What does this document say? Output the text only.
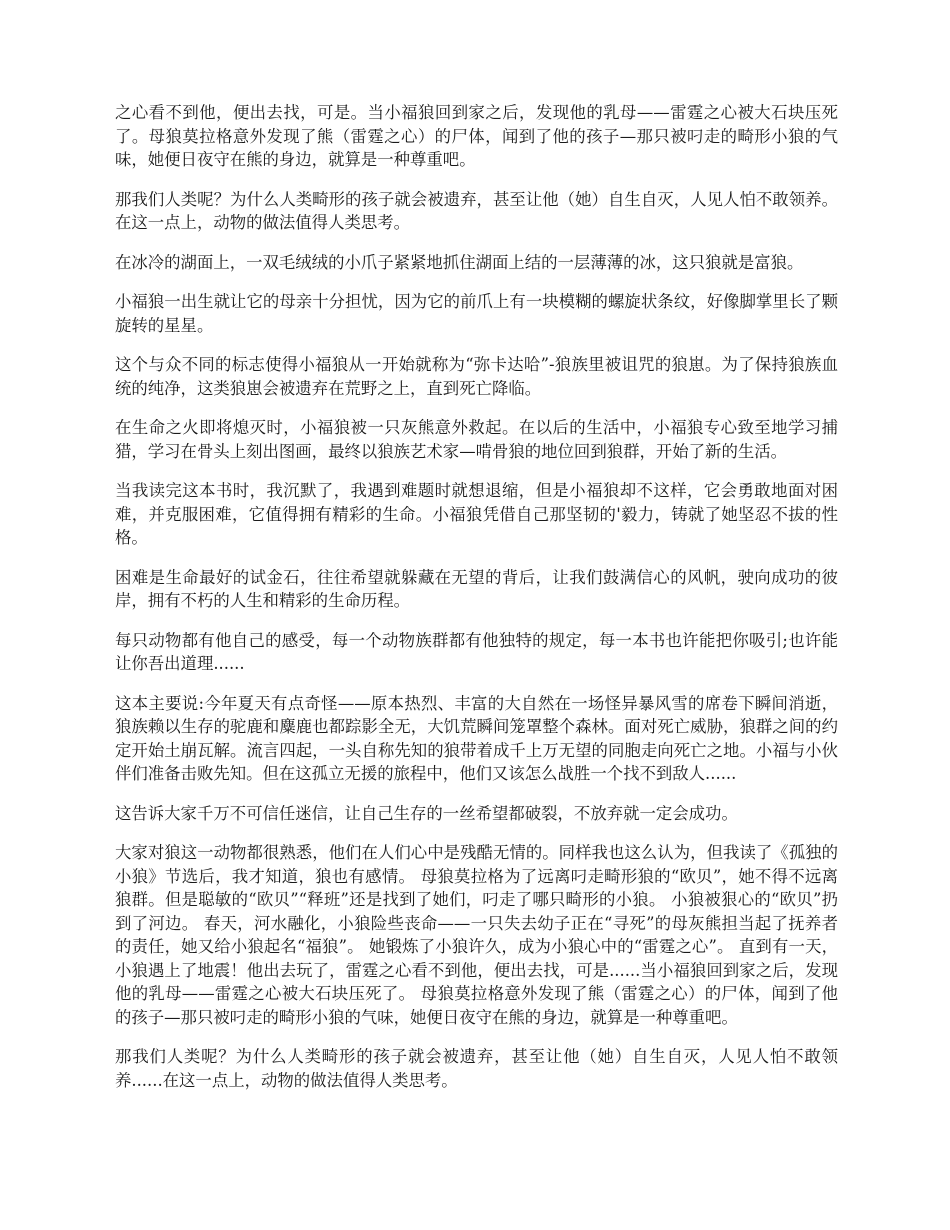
之心看不到他，便出去找，可是。当小福狼回到家之后，发现他的乳母——雷霆之心被大石块压死了。母狼莫拉格意外发现了熊（雷霆之心）的尸体，闻到了他的孩子—那只被叼走的畸形小狼的气味，她便日夜守在熊的身边，就算是一种尊重吧。

那我们人类呢？为什么人类畸形的孩子就会被遗弃，甚至让他（她）自生自灭，人见人怕不敢领养。在这一点上，动物的做法值得人类思考。

在冰冷的湖面上，一双毛绒绒的小爪子紧紧地抓住湖面上结的一层薄薄的冰，这只狼就是富狼。

小福狼一出生就让它的母亲十分担忧，因为它的前爪上有一块模糊的螺旋状条纹，好像脚掌里长了颗旋转的星星。

这个与众不同的标志使得小福狼从一开始就称为“弥卡达哈”-狼族里被诅咒的狼崽。为了保持狼族血统的纯净，这类狼崽会被遗弃在荒野之上，直到死亡降临。

在生命之火即将熄灭时，小福狼被一只灰熊意外救起。在以后的生活中，小福狼专心致至地学习捕猎，学习在骨头上刻出图画，最终以狼族艺术家—啃骨狼的地位回到狼群，开始了新的生活。

当我读完这本书时，我沉默了，我遇到难题时就想退缩，但是小福狼却不这样，它会勇敢地面对困难，并克服困难，它值得拥有精彩的生命。小福狼凭借自己那坚韧的'毅力，铸就了她坚忍不拔的性格。

困难是生命最好的试金石，往往希望就躲藏在无望的背后，让我们鼓满信心的风帆，驶向成功的彼岸，拥有不朽的人生和精彩的生命历程。

每只动物都有他自己的感受，每一个动物族群都有他独特的规定，每一本书也许能把你吸引;也许能让你吾出道理......

这本主要说:今年夏天有点奇怪——原本热烈、丰富的大自然在一场怪异暴风雪的席卷下瞬间消逝，狼族赖以生存的驼鹿和麋鹿也都踪影全无，大饥荒瞬间笼罩整个森林。面对死亡威胁，狼群之间的约定开始土崩瓦解。流言四起，一头自称先知的狼带着成千上万无望的同胞走向死亡之地。小福与小伙伴们准备击败先知。但在这孤立无援的旅程中，他们又该怎么战胜一个找不到敌人......

这告诉大家千万不可信任迷信，让自己生存的一丝希望都破裂，不放弃就一定会成功。

大家对狼这一动物都很熟悉，他们在人们心中是残酷无情的。同样我也这么认为，但我读了《孤独的小狼》节选后，我才知道，狼也有感情。 母狼莫拉格为了远离叼走畸形狼的“欧贝”，她不得不远离狼群。但是聪敏的“欧贝”“释班”还是找到了她们，叼走了哪只畸形的小狼。 小狼被狠心的“欧贝”扔到了河边。 春天，河水融化，小狼险些丧命——一只失去幼子正在“寻死”的母灰熊担当起了抚养者的责任，她又给小狼起名“福狼”。 她锻炼了小狼许久，成为小狼心中的“雷霆之心”。 直到有一天，小狼遇上了地震！他出去玩了，雷霆之心看不到他，便出去找，可是......当小福狼回到家之后，发现他的乳母——雷霆之心被大石块压死了。 母狼莫拉格意外发现了熊（雷霆之心）的尸体，闻到了他的孩子—那只被叼走的畸形小狼的气味，她便日夜守在熊的身边，就算是一种尊重吧。

那我们人类呢？为什么人类畸形的孩子就会被遗弃，甚至让他（她）自生自灭，人见人怕不敢领养......在这一点上，动物的做法值得人类思考。
